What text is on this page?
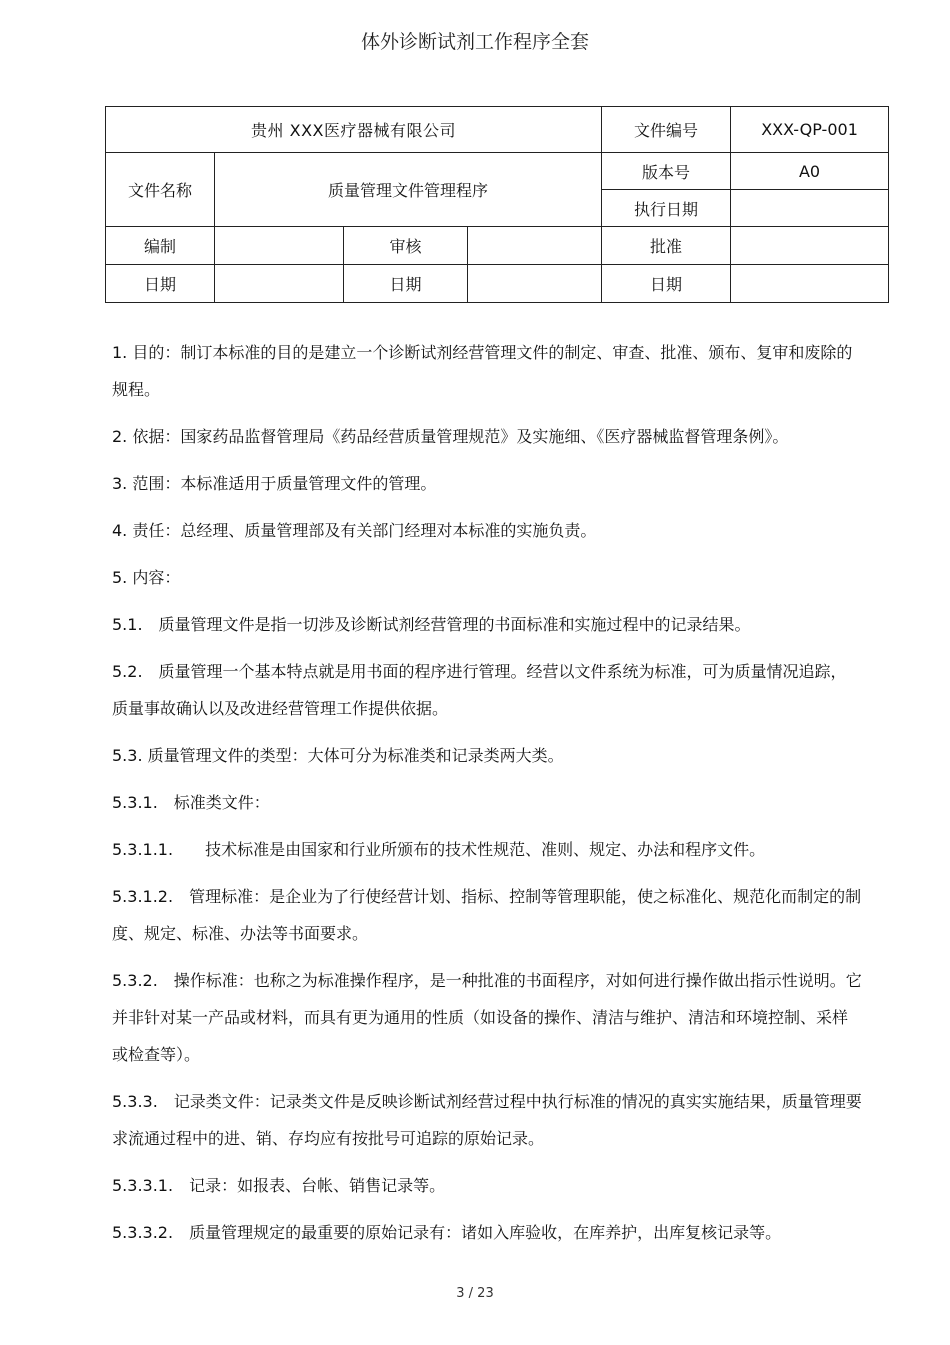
体外诊断试剂工作程序全套
贵州 XXX医疗器械有限公司				文件编号	XXX-QP-001
文件名称	质量管理文件管理程序			版本号	A0
				执行日期	
编制		审核		批准	
日期		日期		日期	

1. 目的：制订本标准的目的是建立一个诊断试剂经营管理文件的制定、审查、批准、颁布、复审和废除的规程。

2. 依据：国家药品监督管理局《药品经营质量管理规范》及实施细、《医疗器械监督管理条例》。

3. 范围：本标准适用于质量管理文件的管理。

4. 责任：总经理、质量管理部及有关部门经理对本标准的实施负责。

5. 内容：

5.1.　质量管理文件是指一切涉及诊断试剂经营管理的书面标准和实施过程中的记录结果。

5.2.　质量管理一个基本特点就是用书面的程序进行管理。经营以文件系统为标准，可为质量情况追踪，质量事故确认以及改进经营管理工作提供依据。

5.3. 质量管理文件的类型：大体可分为标准类和记录类两大类。

5.3.1.　标准类文件：

5.3.1.1.　　技术标准是由国家和行业所颁布的技术性规范、准则、规定、办法和程序文件。

5.3.1.2.　管理标准：是企业为了行使经营计划、指标、控制等管理职能，使之标准化、规范化而制定的制度、规定、标准、办法等书面要求。

5.3.2.　操作标准：也称之为标准操作程序，是一种批准的书面程序，对如何进行操作做出指示性说明。它并非针对某一产品或材料，而具有更为通用的性质（如设备的操作、清洁与维护、清洁和环境控制、采样或检查等）。

5.3.3.　记录类文件：记录类文件是反映诊断试剂经营过程中执行标准的情况的真实实施结果，质量管理要求流通过程中的进、销、存均应有按批号可追踪的原始记录。

5.3.3.1.　记录：如报表、台帐、销售记录等。

5.3.3.2.　质量管理规定的最重要的原始记录有：诸如入库验收，在库养护，出库复核记录等。

3 / 23
